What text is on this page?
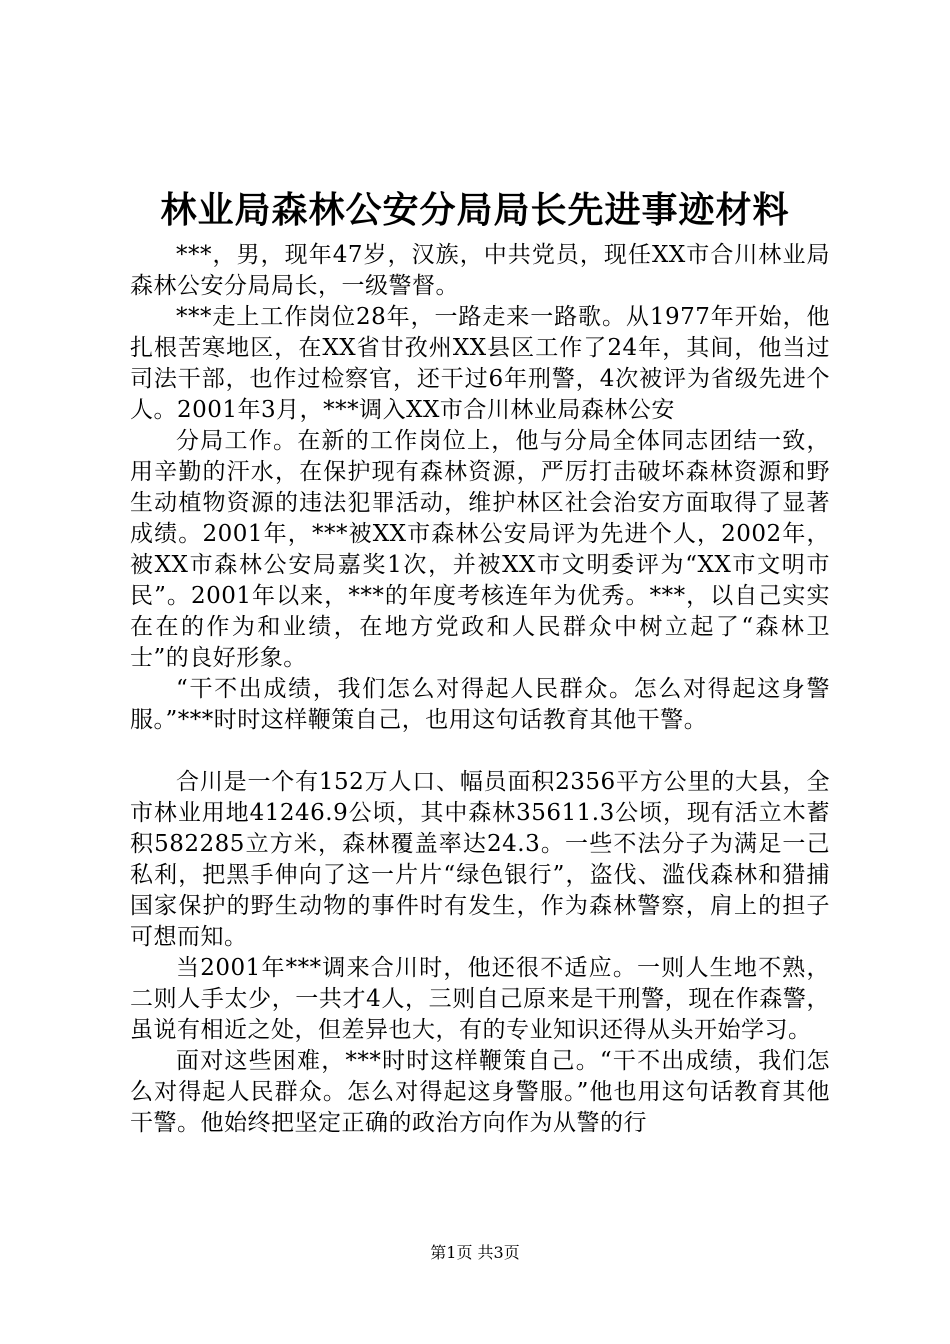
林业局森林公安分局局长先进事迹材料

***，男，现年47岁，汉族，中共党员，现任XX市合川林业局森林公安分局局长，一级警督。

***走上工作岗位28年，一路走来一路歌。从1977年开始，他扎根苦寒地区，在XX省甘孜州XX县区工作了24年，其间，他当过司法干部，也作过检察官，还干过6年刑警，4次被评为省级先进个人。2001年3月，***调入XX市合川林业局森林公安

分局工作。在新的工作岗位上，他与分局全体同志团结一致，用辛勤的汗水，在保护现有森林资源，严厉打击破坏森林资源和野生动植物资源的违法犯罪活动，维护林区社会治安方面取得了显著成绩。2001年，***被XX市森林公安局评为先进个人，2002年，被XX市森林公安局嘉奖1次，并被XX市文明委评为“XX市文明市民”。2001年以来，***的年度考核连年为优秀。***，以自己实实在在的作为和业绩，在地方党政和人民群众中树立起了“森林卫士”的良好形象。

“干不出成绩，我们怎么对得起人民群众。怎么对得起这身警服。”***时时这样鞭策自己，也用这句话教育其他干警。

合川是一个有152万人口、幅员面积2356平方公里的大县，全市林业用地41246.9公顷，其中森林35611.3公顷，现有活立木蓄积582285立方米，森林覆盖率达24.3。一些不法分子为满足一己私利，把黑手伸向了这一片片“绿色银行”，盗伐、滥伐森林和猎捕国家保护的野生动物的事件时有发生，作为森林警察，肩上的担子可想而知。

当2001年***调来合川时，他还很不适应。一则人生地不熟，二则人手太少，一共才4人，三则自己原来是干刑警，现在作森警，虽说有相近之处，但差异也大，有的专业知识还得从头开始学习。

面对这些困难，***时时这样鞭策自己。“干不出成绩，我们怎么对得起人民群众。怎么对得起这身警服。”他也用这句话教育其他干警。他始终把坚定正确的政治方向作为从警的行

第1页 共3页
